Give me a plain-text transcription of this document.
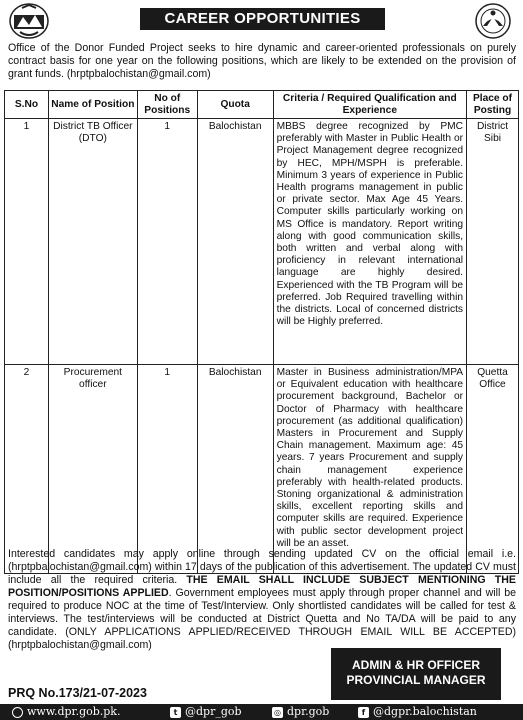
CAREER OPPORTUNITIES

Office of the Donor Funded Project seeks to hire dynamic and career-oriented professionals on purely contract basis for one year on the following positions, which are likely to be extended on the provision of grant funds. (hrptpbalochistan@gmail.com)

S.No	Name of Position	No of Positions	Quota	Criteria / Required Qualification and Experience	Place of Posting
1	District TB Officer (DTO)	1	Balochistan	MBBS degree recognized by PMC preferably with Master in Public Health or Project Management degree recognized by HEC, MPH/MSPH is preferable. Minimum 3 years of experience in Public Health programs management in public or private sector. Max Age 45 Years. Computer skills particularly working on MS Office is mandatory. Report writing along with good communication skills, both written and verbal along with proficiency in relevant international language are highly desired. Experienced with the TB Program will be preferred. Job Required travelling within the districts. Local of concerned districts will be Highly preferred.	District Sibi
2	Procurement officer	1	Balochistan	Master in Business administration/MPA or Equivalent education with healthcare procurement background, Bachelor or Doctor of Pharmacy with healthcare procurement (as additional qualification) Masters in Procurement and Supply Chain management. Maximum age: 45 years. 7 years Procurement and supply chain management experience preferably with health-related products. Stoning organizational & administration skills, excellent reporting skills and computer skills are required. Experience with public sector development project will be an asset.	Quetta Office

Interested candidates may apply online through sending updated CV on the official email i.e. (hrptpbalochistan@gmail.com) within 17 days of the publication of this advertisement. The updated CV must include all the required criteria. THE EMAIL SHALL INCLUDE SUBJECT MENTIONING THE POSITION/POSITIONS APPLIED. Government employees must apply through proper channel and will be required to produce NOC at the time of Test/Interview. Only shortlisted candidates will be called for test & interviews. The test/interviews will be conducted at District Quetta and No TA/DA will be paid to any candidate. (ONLY APPLICATIONS APPLIED/RECEIVED THROUGH EMAIL WILL BE ACCEPTED) (hrptpbalochistan@gmail.com)

ADMIN & HR OFFICER
PROVINCIAL MANAGER
PRQ No.173/21-07-2023
www.dpr.gob.pk.	t @dpr_gob	◎ dpr.gob	f @dgpr.balochistan
